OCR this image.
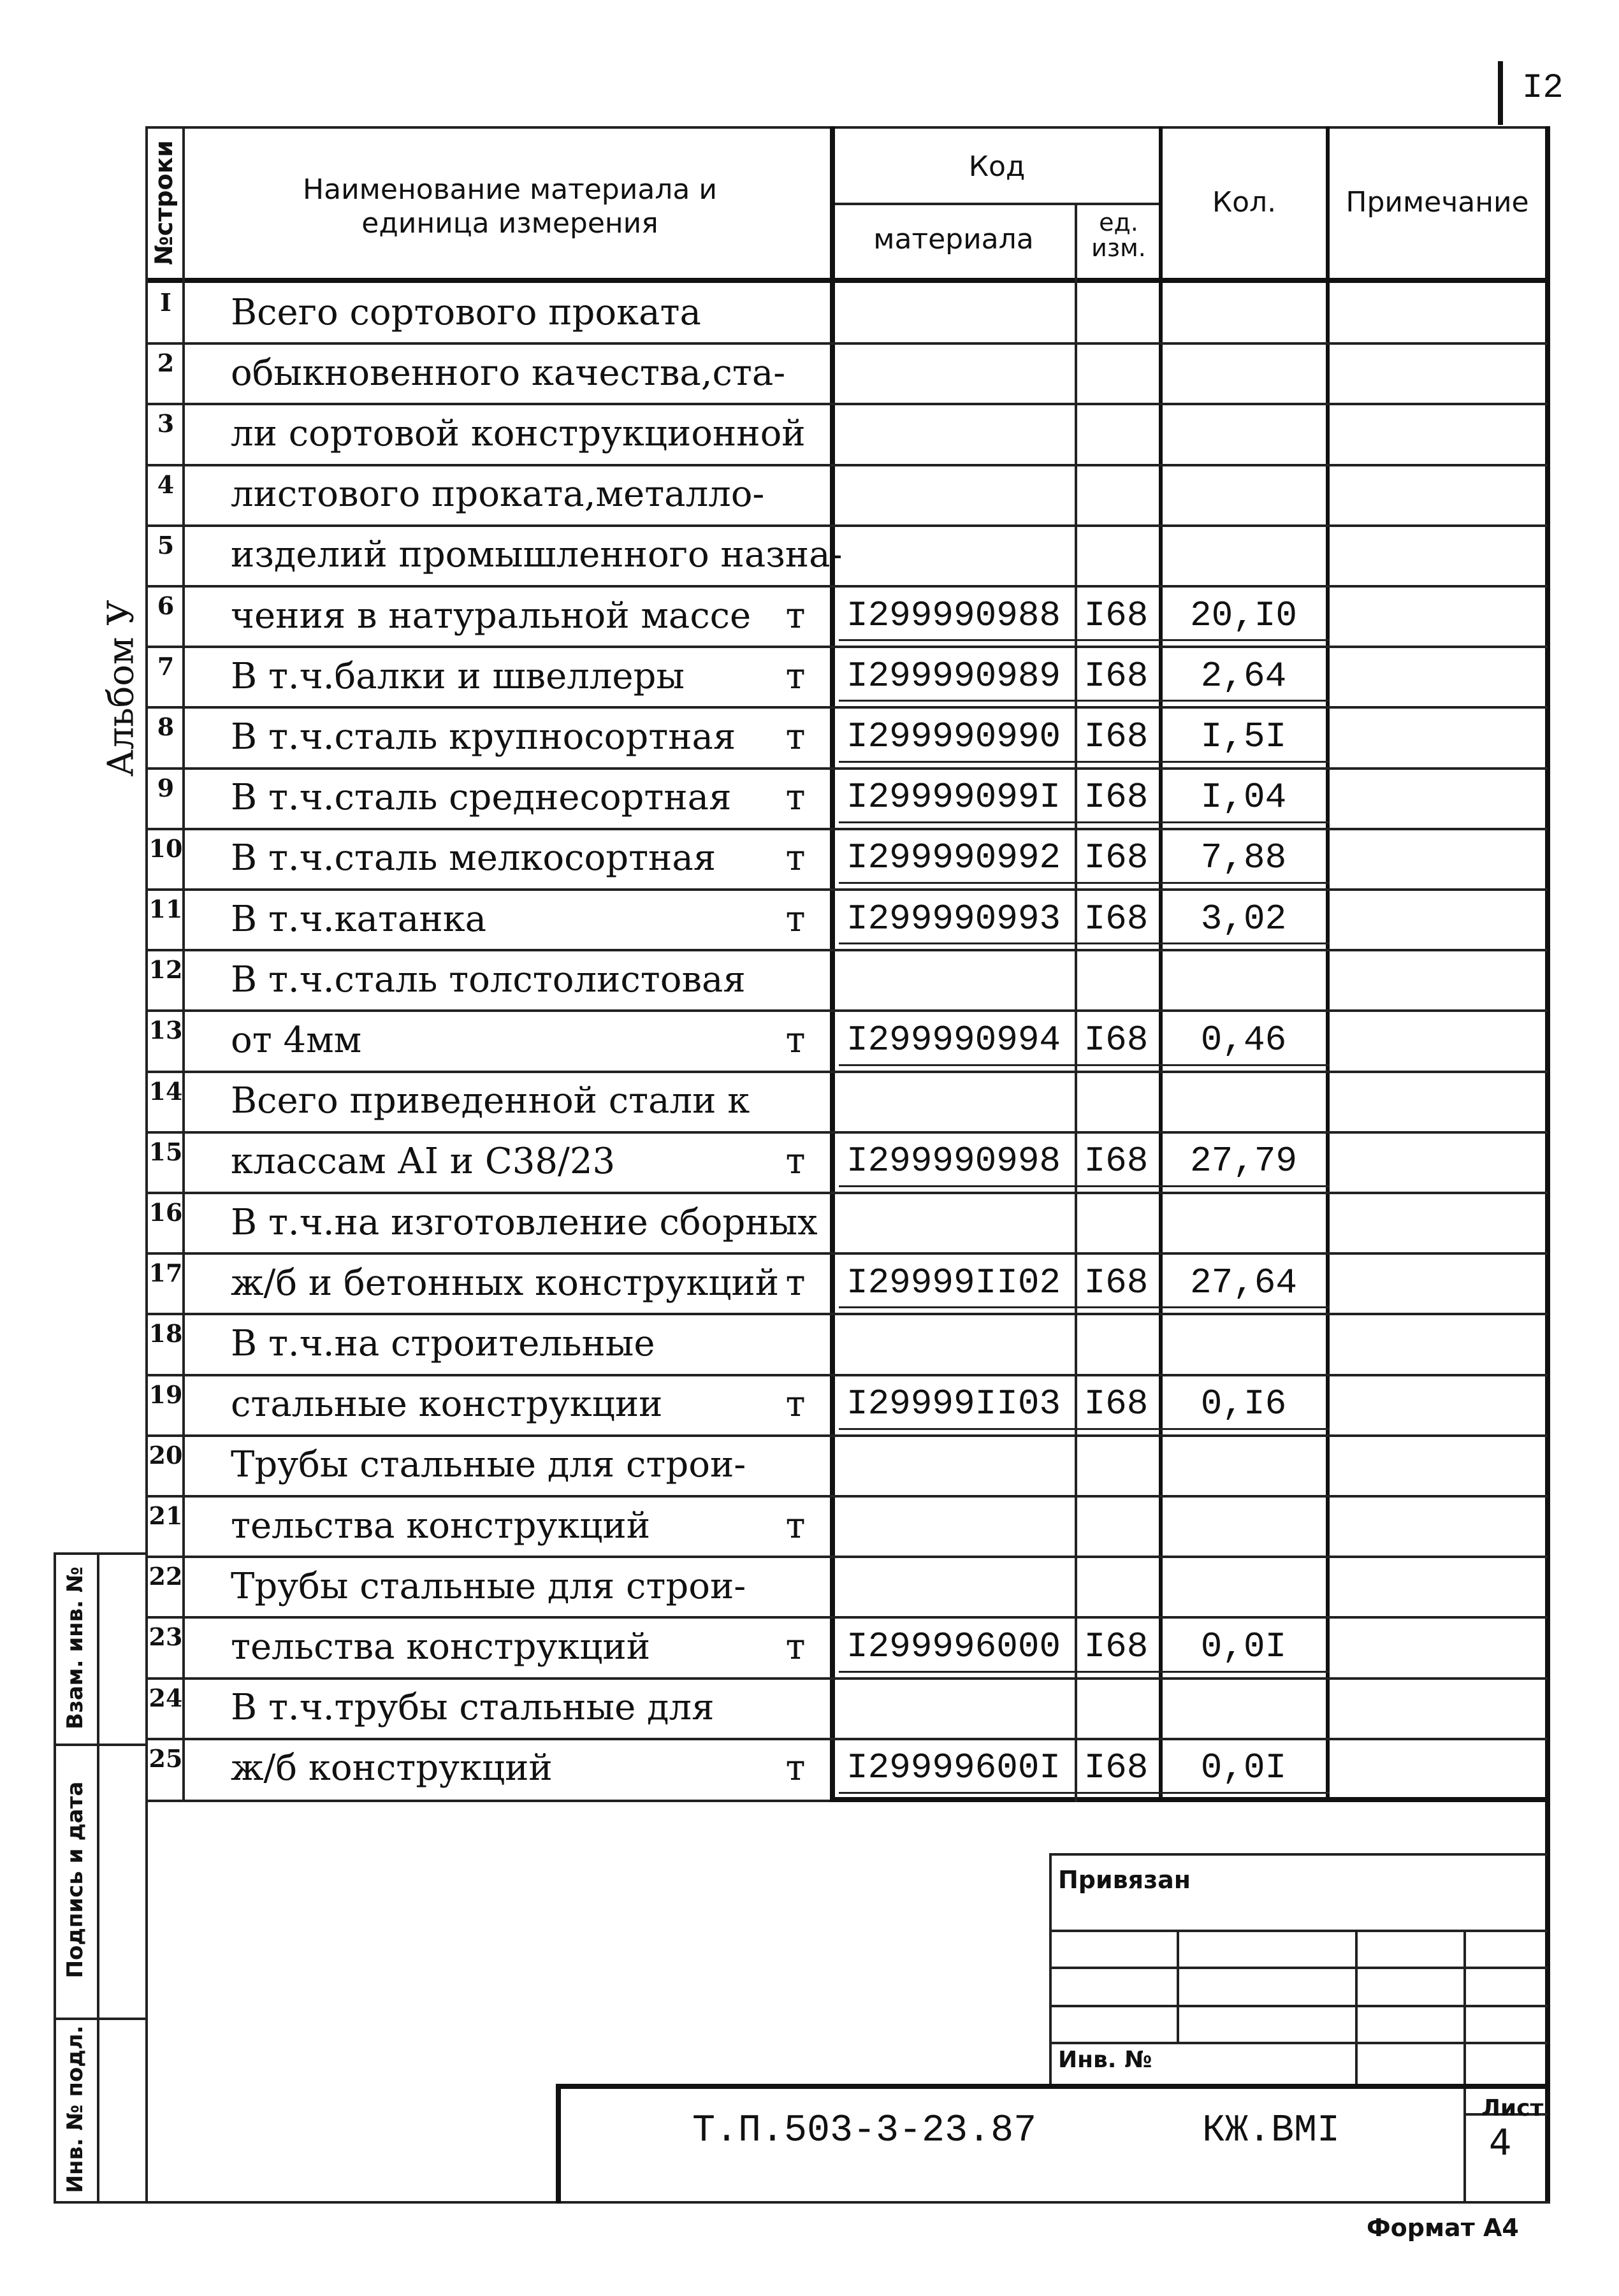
I2
Альбом У
№строки	Наименование материала и единица измерения
Код
материала
ед. изм.
Кол.	Примечание
I	Всего сортового проката
2 обыкновенного качества,ста-
3 ли сортовой конструкционной
4 листового проката,металло-
5 изделий промышленного назна-
6 чения в натуральной массе т	I299990988 I68	20,I0
7 В т.ч.балки и швеллеры	т	I299990989 I68	2,64
8 В т.ч.сталь крупносортная т	I299990990 I68	I,5I
9 В т.ч.сталь среднесортная т	I29999099I I68	I,04
10 В т.ч.сталь мелкосортная т	I299990992 I68	7,88
11 В т.ч.катанка	т	I299990993 I68	3,02
12 В т.ч.сталь толстолистовая
13 от 4мм	т	I299990994 I68	0,46
14 Всего приведенной стали к
15 классам АI и С38/23	т	I299990998 I68	27,79
16 В т.ч.на изготовление сборных
17 ж/б и бетонных конструкций т	I29999II02 I68	27,64
18 В т.ч.на строительные
19 стальные конструкции	т	I29999II03 I68	0,I6
20 Трубы стальные для строи-
21 тельства конструкций	т
22 Трубы стальные для строи-
23 тельства конструкций	т	I299996000 I68	0,0I
24 В т.ч.трубы стальные для
25 ж/б конструкций	т	I29999600I I68	0,0I
Взам. инв. №
Подпись и дата
Инв. № подл.
Привязан
Инв. №
Т.П.503-3-23.87	КЖ.ВМI
Лист
4
Формат А4
